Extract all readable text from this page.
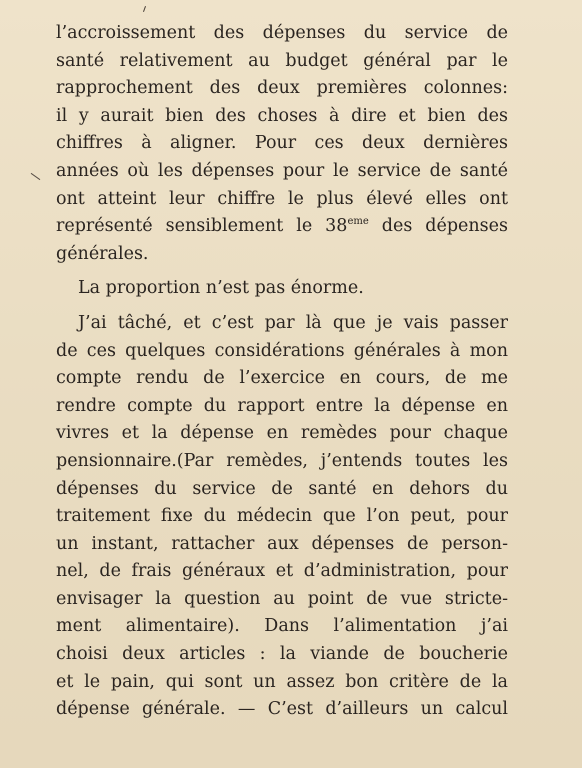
l’accroissement des dépenses du service de
santé relativement au budget général par le
rapprochement des deux premières colonnes:
il y aurait bien des choses à dire et bien des
chiffres à aligner. Pour ces deux dernières
années où les dépenses pour le service de santé
ont atteint leur chiffre le plus élevé elles ont
représenté sensiblement le 38eme des dépenses
générales.

La proportion n’est pas énorme.

J’ai tâché, et c’est par là que je vais passer
de ces quelques considérations générales à mon
compte rendu de l’exercice en cours, de me
rendre compte du rapport entre la dépense en
vivres et la dépense en remèdes pour chaque
pensionnaire.(Par remèdes, j’entends toutes les
dépenses du service de santé en dehors du
traitement fixe du médecin que l’on peut, pour
un instant, rattacher aux dépenses de person-
nel, de frais généraux et d’administration, pour
envisager la question au point de vue stricte-
ment alimentaire). Dans l’alimentation j’ai
choisi deux articles : la viande de boucherie
et le pain, qui sont un assez bon critère de la
dépense générale. — C’est d’ailleurs un calcul
